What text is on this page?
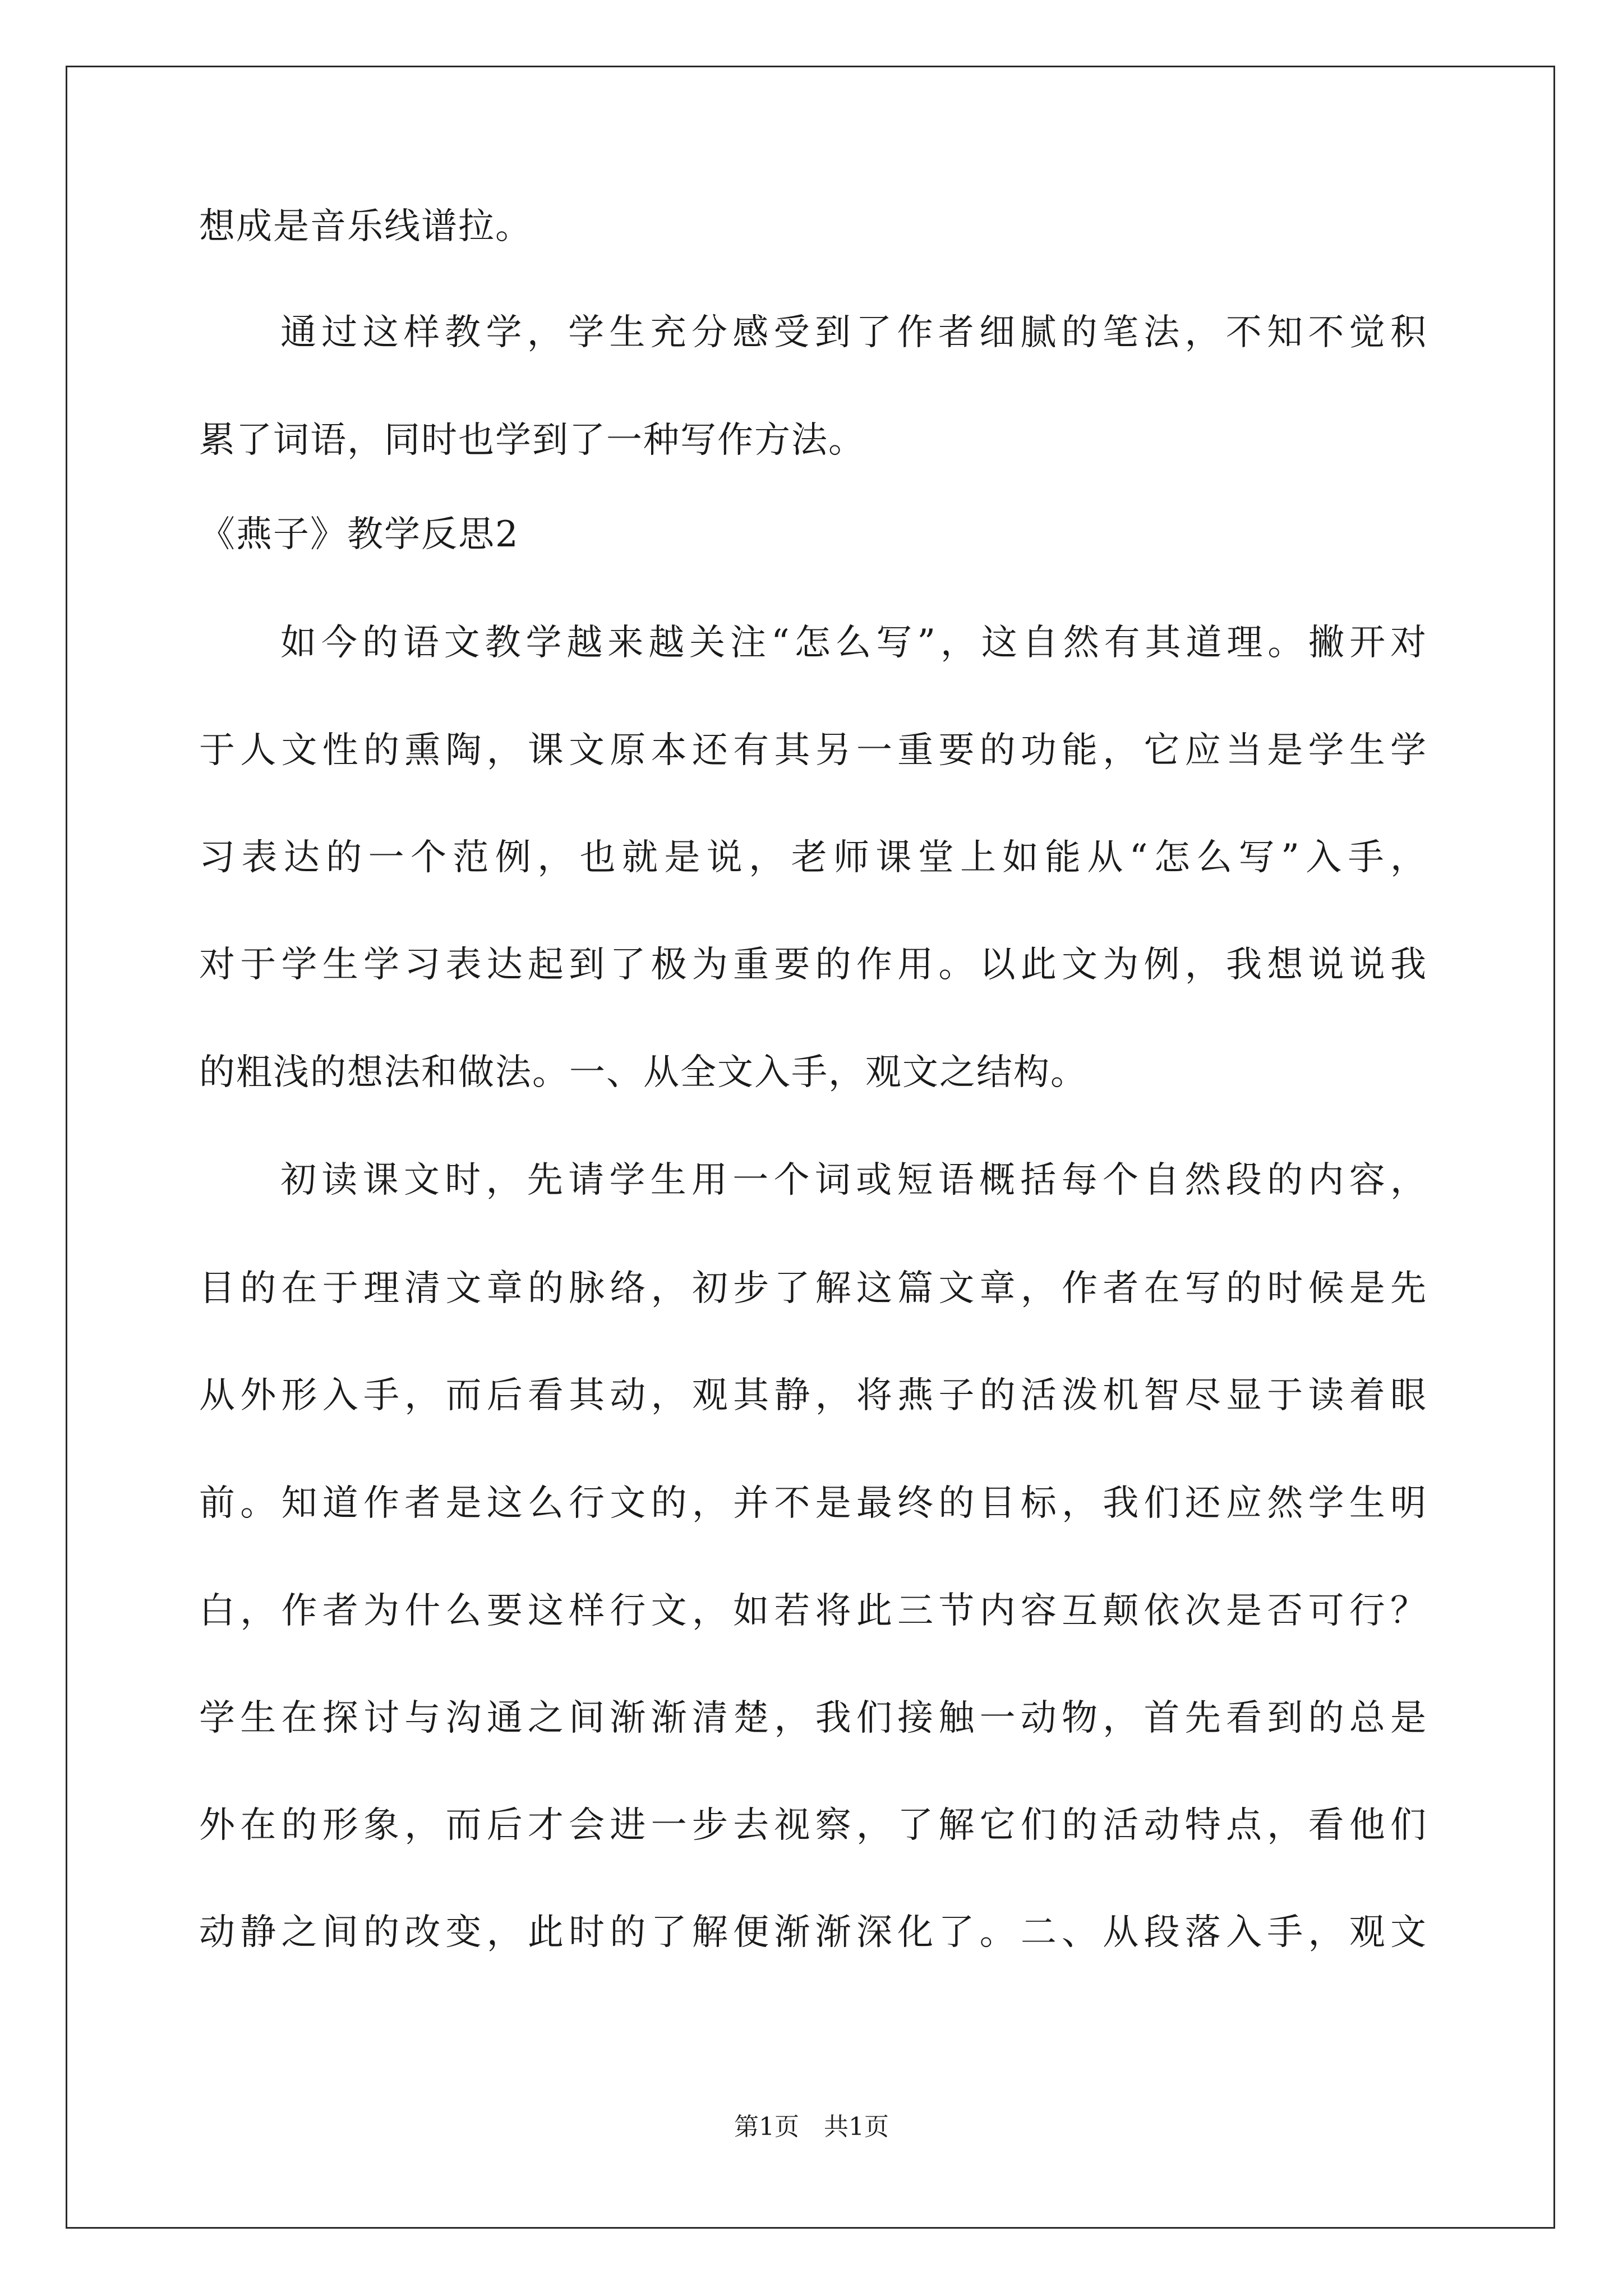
想成是音乐线谱拉。
通过这样教学，学生充分感受到了作者细腻的笔法，不知不觉积
累了词语，同时也学到了一种写作方法。
《燕子》教学反思2
如今的语文教学越来越关注“怎么写”，这自然有其道理。撇开对
于人文性的熏陶，课文原本还有其另一重要的功能，它应当是学生学
习表达的一个范例，也就是说，老师课堂上如能从“怎么写”入手，
对于学生学习表达起到了极为重要的作用。以此文为例，我想说说我
的粗浅的想法和做法。一、从全文入手，观文之结构。
初读课文时，先请学生用一个词或短语概括每个自然段的内容，
目的在于理清文章的脉络，初步了解这篇文章，作者在写的时候是先
从外形入手，而后看其动，观其静，将燕子的活泼机智尽显于读着眼
前。知道作者是这么行文的，并不是最终的目标，我们还应然学生明
白，作者为什么要这样行文，如若将此三节内容互颠依次是否可行？
学生在探讨与沟通之间渐渐清楚，我们接触一动物，首先看到的总是
外在的形象，而后才会进一步去视察，了解它们的活动特点，看他们
动静之间的改变，此时的了解便渐渐深化了。二、从段落入手，观文
第1页　共1页
